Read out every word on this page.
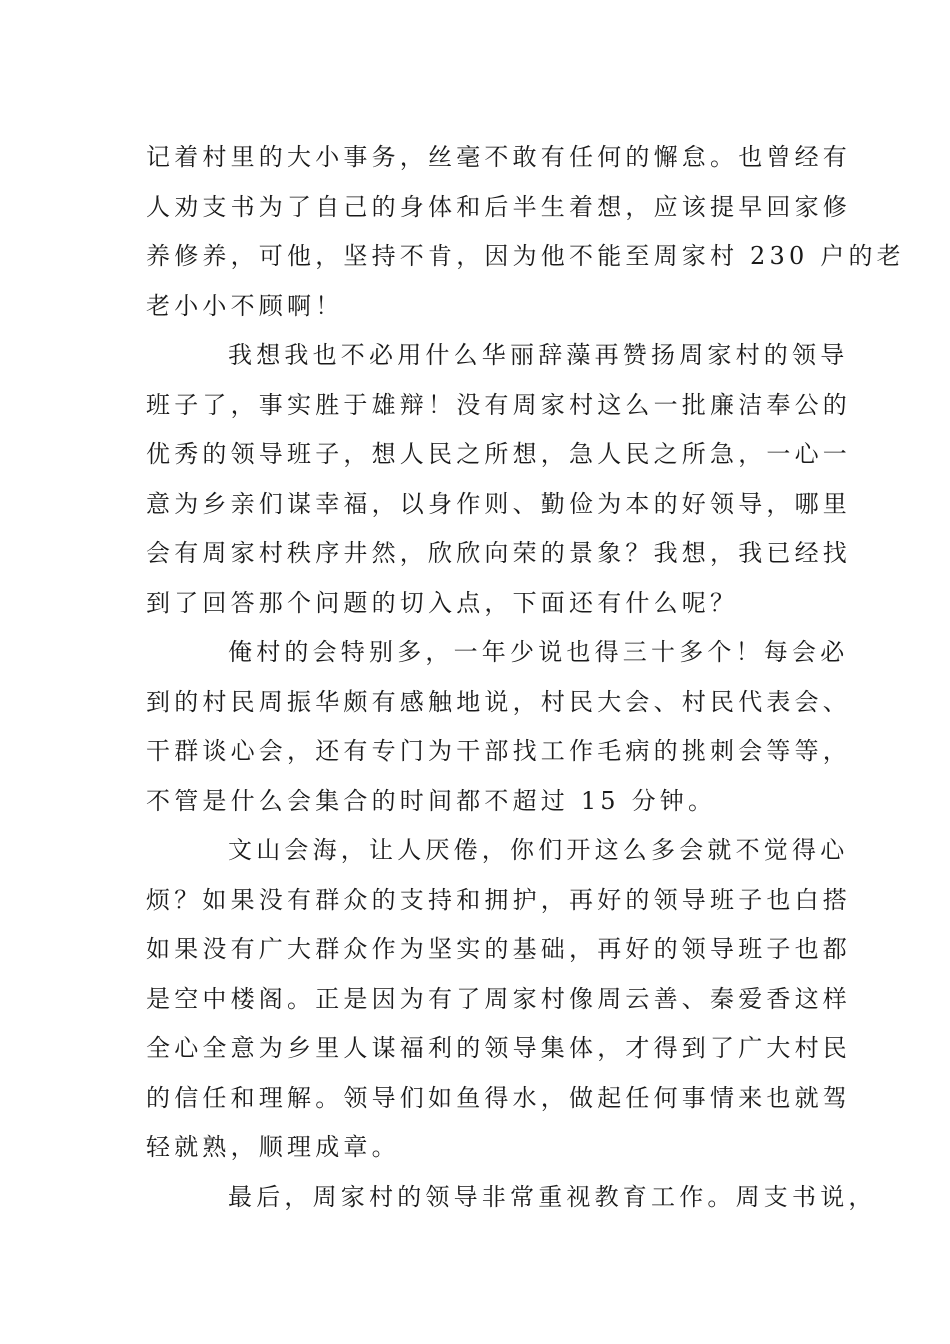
记着村里的大小事务，丝毫不敢有任何的懈怠。也曾经有
人劝支书为了自己的身体和后半生着想，应该提早回家修
养修养，可他，坚持不肯，因为他不能至周家村 230 户的老
老小小不顾啊！
我想我也不必用什么华丽辞藻再赞扬周家村的领导
班子了，事实胜于雄辩！没有周家村这么一批廉洁奉公的
优秀的领导班子，想人民之所想，急人民之所急，一心一
意为乡亲们谋幸福，以身作则、勤俭为本的好领导，哪里
会有周家村秩序井然，欣欣向荣的景象？我想，我已经找
到了回答那个问题的切入点，下面还有什么呢？
俺村的会特别多，一年少说也得三十多个！每会必
到的村民周振华颇有感触地说，村民大会、村民代表会、
干群谈心会，还有专门为干部找工作毛病的挑刺会等等，
不管是什么会集合的时间都不超过 15 分钟。
文山会海，让人厌倦，你们开这么多会就不觉得心
烦？如果没有群众的支持和拥护，再好的领导班子也白搭
如果没有广大群众作为坚实的基础，再好的领导班子也都
是空中楼阁。正是因为有了周家村像周云善、秦爱香这样
全心全意为乡里人谋福利的领导集体，才得到了广大村民
的信任和理解。领导们如鱼得水，做起任何事情来也就驾
轻就熟，顺理成章。
最后，周家村的领导非常重视教育工作。周支书说，
